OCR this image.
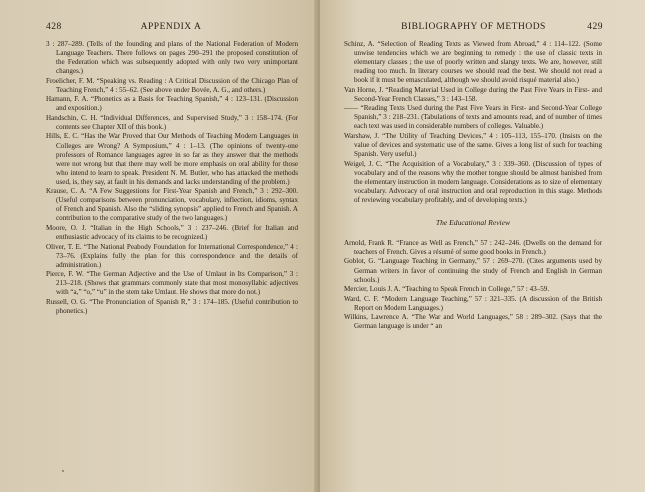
428	APPENDIX A

3 : 287–289. (Tells of the founding and plans of the National Federation of Modern Language Teachers. There follows on pages 290–291 the proposed constitution of the Federation which was subsequently adopted with only two very unimportant changes.)

Froelicher, F. M. “Speaking vs. Reading : A Critical Discussion of the Chicago Plan of Teaching French,” 4 : 55–62. (See above under Bovée, A. G., and others.)

Hamann, F. A. “Phonetics as a Basis for Teaching Spanish,” 4 : 123–131. (Discussion and exposition.)

Handschin, C. H. “Individual Differences, and Supervised Study,” 3 : 158–174. (For contents see Chapter XII of this book.)

Hills, E. C. “Has the War Proved that Our Methods of Teaching Modern Languages in Colleges are Wrong? A Symposium,” 4 : 1–13. (The opinions of twenty-one professors of Romance languages agree in so far as they answer that the methods were not wrong but that there may well be more emphasis on oral ability for those who intend to learn to speak. President N. M. Butler, who has attacked the methods used, is, they say, at fault in his demands and lacks understanding of the problem.)

Krause, C. A. “A Few Suggestions for First-Year Spanish and French,” 3 : 292–300. (Useful comparisons between pronunciation, vocabulary, inflection, idioms, syntax of French and Spanish. Also the “sliding synopsis” applied to French and Spanish. A contribution to the comparative study of the two languages.)

Moore, O. J. “Italian in the High Schools,” 3 : 237–246. (Brief for Italian and enthusiastic advocacy of its claims to be recognized.)

Oliver, T. E. “The National Peabody Foundation for International Correspondence,” 4 : 73–76. (Explains fully the plan for this correspondence and the details of administration.)

Pierce, F. W. “The German Adjective and the Use of Umlaut in Its Comparison,” 3 : 213–218. (Shows that grammars commonly state that most monosyllabic adjectives with “a,” “o,” “u” in the stem take Umlaut. He shows that more do not.)

Russell, O. G. “The Pronunciation of Spanish R,” 3 : 174–185. (Useful contribution to phonetics.)

BIBLIOGRAPHY OF METHODS	429

Schinz, A. “Selection of Reading Texts as Viewed from Abroad,” 4 : 114–122. (Some unwise tendencies which we are beginning to remedy : the use of classic texts in elementary classes ; the use of poorly written and slangy texts. We are, however, still reading too much. In literary courses we should read the best. We should not read a book if it must be emasculated, although we should avoid risqué material also.)

Van Horne, J. “Reading Material Used in College during the Past Five Years in First- and Second-Year French Classes,” 3 : 143–158.

—— “Reading Texts Used during the Past Five Years in First- and Second-Year College Spanish,” 3 : 218–231. (Tabulations of texts and amounts read, and of number of times each text was used in considerable numbers of colleges. Valuable.)

Warshaw, J. “The Utility of Teaching Devices,” 4 : 105–113, 155–170. (Insists on the value of devices and systematic use of the same. Gives a long list of such for teaching Spanish. Very useful.)

Weigel, J. C. “The Acquisition of a Vocabulary,” 3 : 339–360. (Discussion of types of vocabulary and of the reasons why the mother tongue should be almost banished from the elementary instruction in modern language. Considerations as to size of elementary vocabulary. Advocacy of oral instruction and oral reproduction in this stage. Methods of reviewing vocabulary profitably, and of developing texts.)

The Educational Review

Arnold, Frank R. “France as Well as French,” 57 : 242–246. (Dwells on the demand for teachers of French. Gives a résumé of some good books in French.)

Goblot, G. “Language Teaching in Germany,” 57 : 269–270. (Cites arguments used by German writers in favor of continuing the study of French and English in German schools.)

Mercier, Louis J. A. “Teaching to Speak French in College,” 57 : 43–59.

Ward, C. F. “Modern Language Teaching,” 57 : 321–335. (A discussion of the British Report on Modern Languages.)

Wilkins, Lawrence A. “The War and World Languages,” 58 : 289–302. (Says that the German language is under “ an
